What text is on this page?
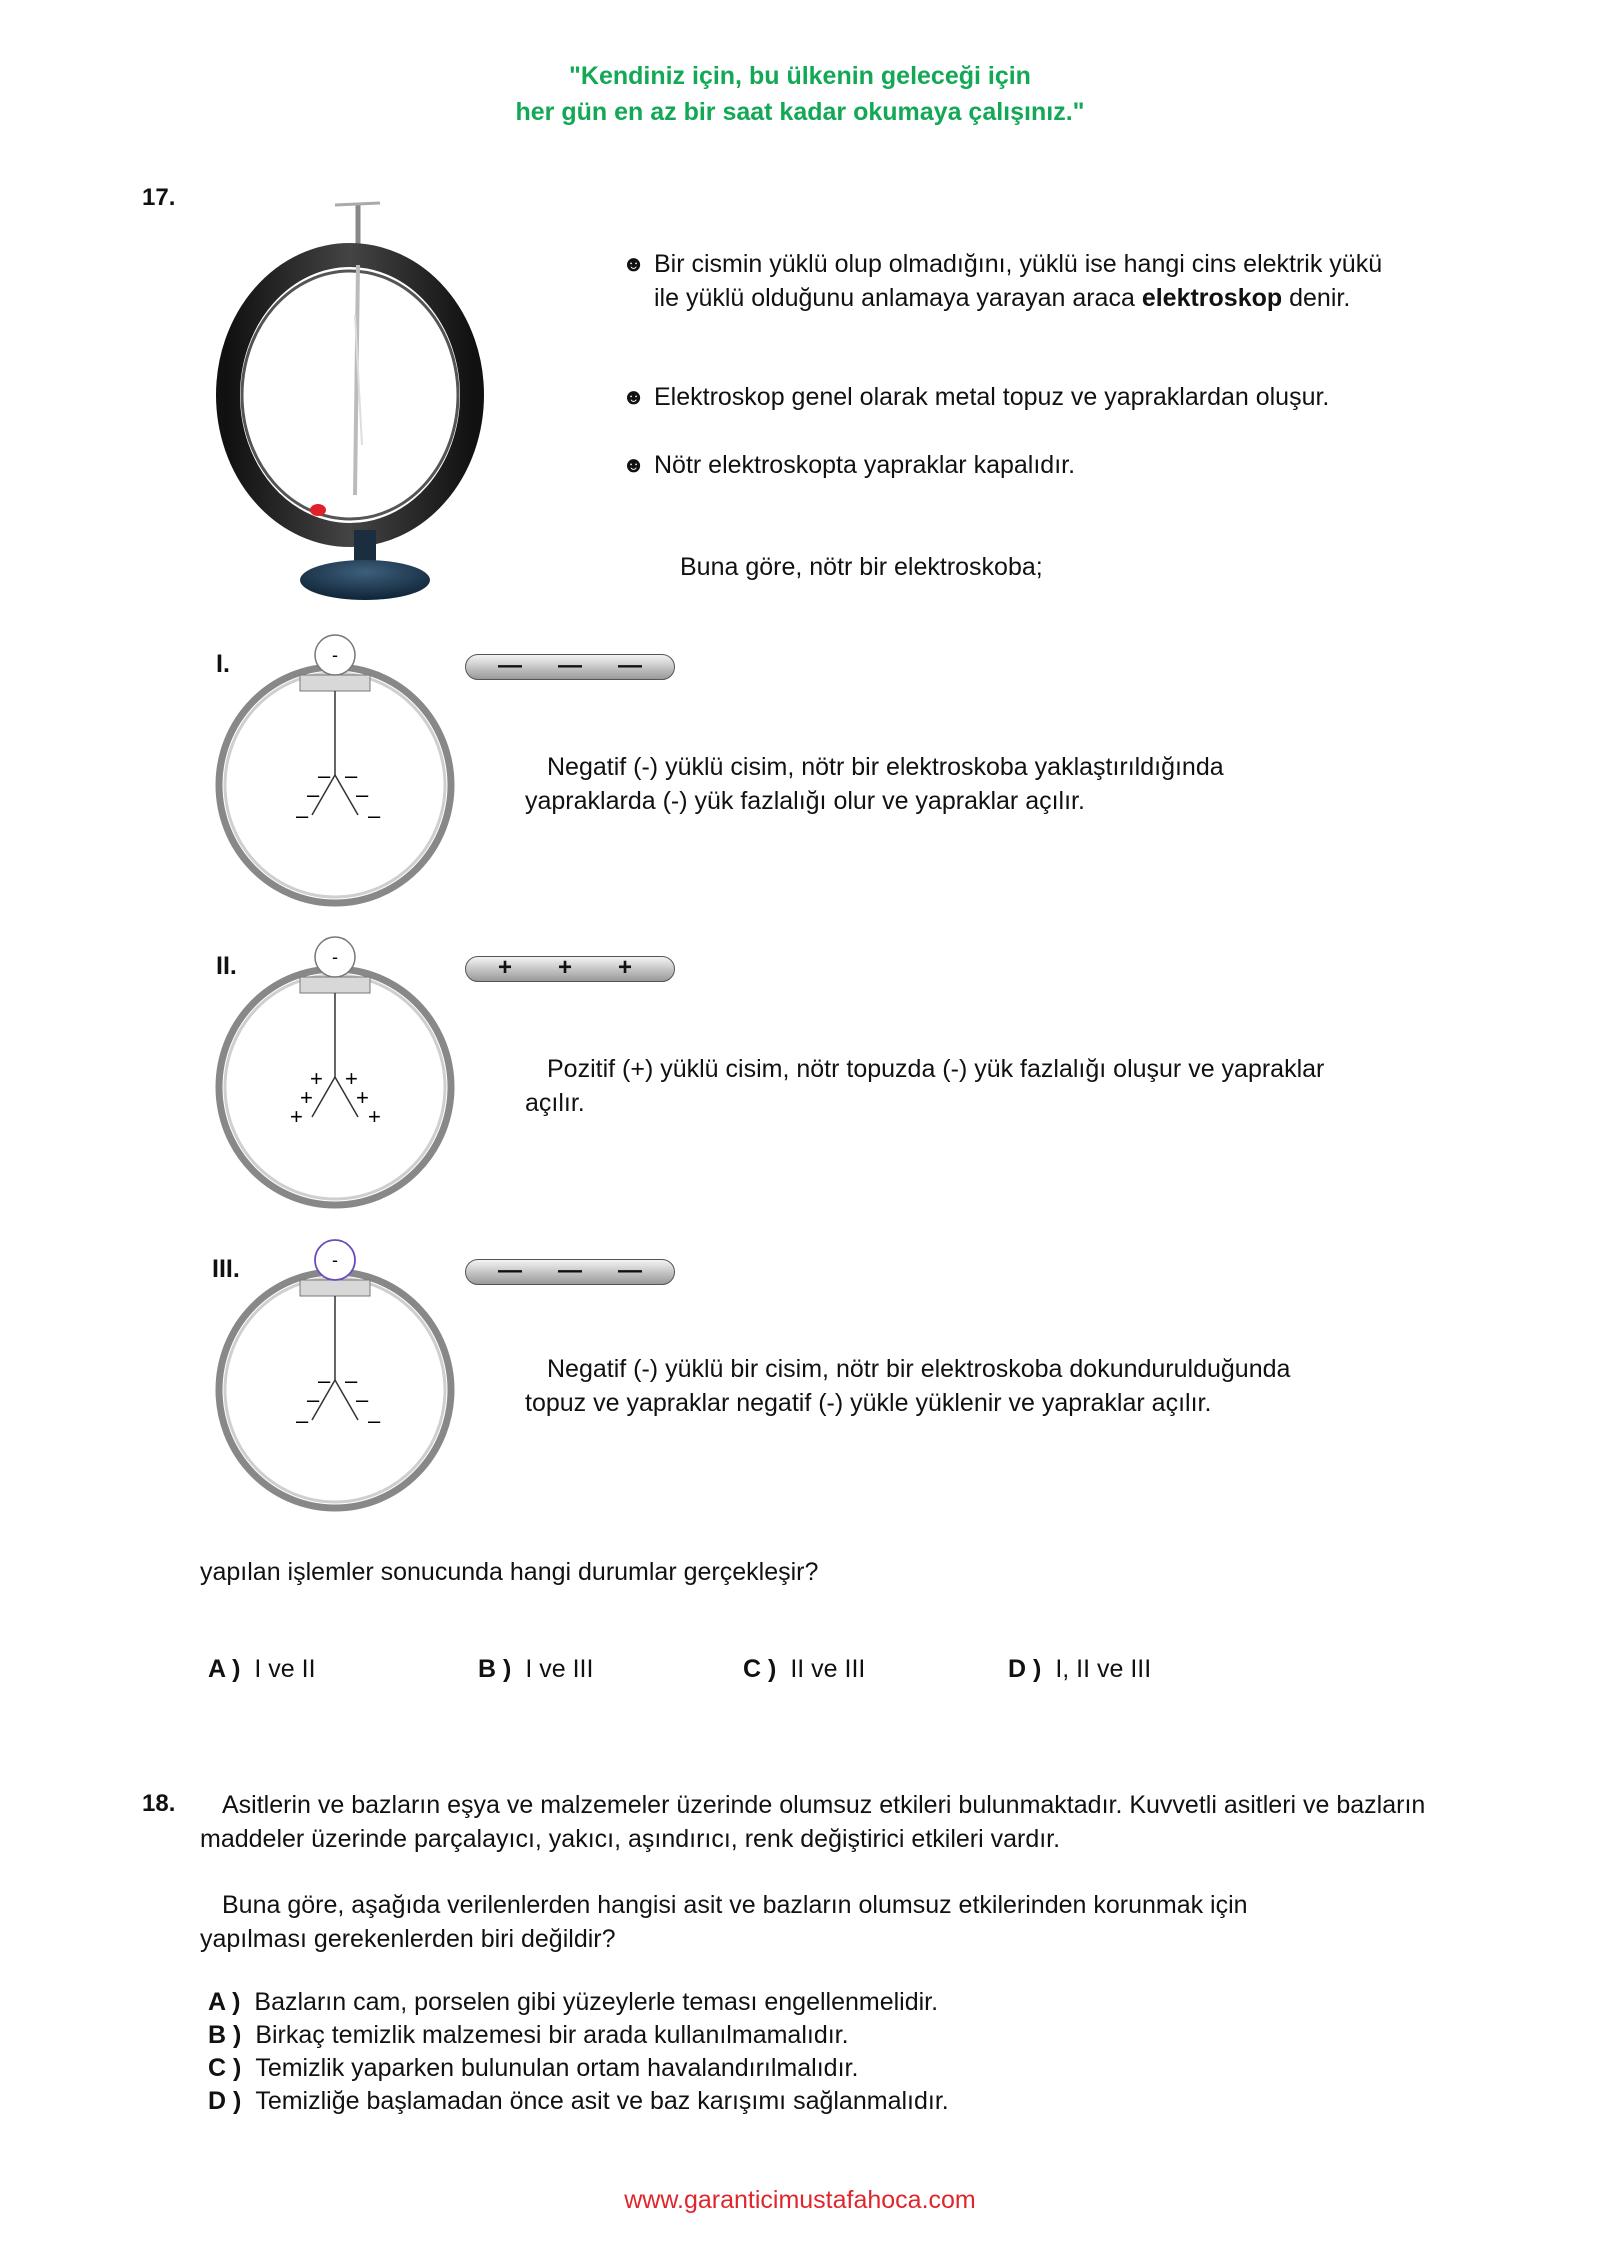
"Kendiniz için, bu ülkenin geleceği için
her gün en az bir saat kadar okumaya çalışınız."
17.
☻ Bir cismin yüklü olup olmadığını, yüklü ise hangi cins elektrik yükü ile yüklü olduğunu anlamaya yarayan araca elektroskop denir.
☻ Elektroskop genel olarak metal topuz ve yapraklardan oluşur.
☻ Nötr elektroskopta yapraklar kapalıdır.
Buna göre, nötr bir elektroskoba;
I.	-
– –
– –
–	–
— — —
Negatif (-) yüklü cisim, nötr bir elektroskoba yaklaştırıldığında yapraklarda (-) yük fazlalığı olur ve yapraklar açılır.
II.	-
+ +
+ +
+	+
+ + +
Pozitif (+) yüklü cisim, nötr topuzda (-) yük fazlalığı oluşur ve yapraklar açılır.
III.	-
– –
– –
–	–
— — —
Negatif (-) yüklü bir cisim, nötr bir elektroskoba dokundurulduğunda topuz ve yapraklar negatif (-) yükle yüklenir ve yapraklar açılır.
yapılan işlemler sonucunda hangi durumlar gerçekleşir?
A ) I ve II	B ) I ve III	C ) II ve III	D ) I, II ve III
18.	Asitlerin ve bazların eşya ve malzemeler üzerinde olumsuz etkileri bulunmaktadır. Kuvvetli asitleri ve bazların maddeler üzerinde parçalayıcı, yakıcı, aşındırıcı, renk değiştirici etkileri vardır.
Buna göre, aşağıda verilenlerden hangisi asit ve bazların olumsuz etkilerinden korunmak için yapılması gerekenlerden biri değildir?
A ) Bazların cam, porselen gibi yüzeylerle teması engellenmelidir.
B ) Birkaç temizlik malzemesi bir arada kullanılmamalıdır.
C ) Temizlik yaparken bulunulan ortam havalandırılmalıdır.
D ) Temizliğe başlamadan önce asit ve baz karışımı sağlanmalıdır.
www.garanticimustafahoca.com
